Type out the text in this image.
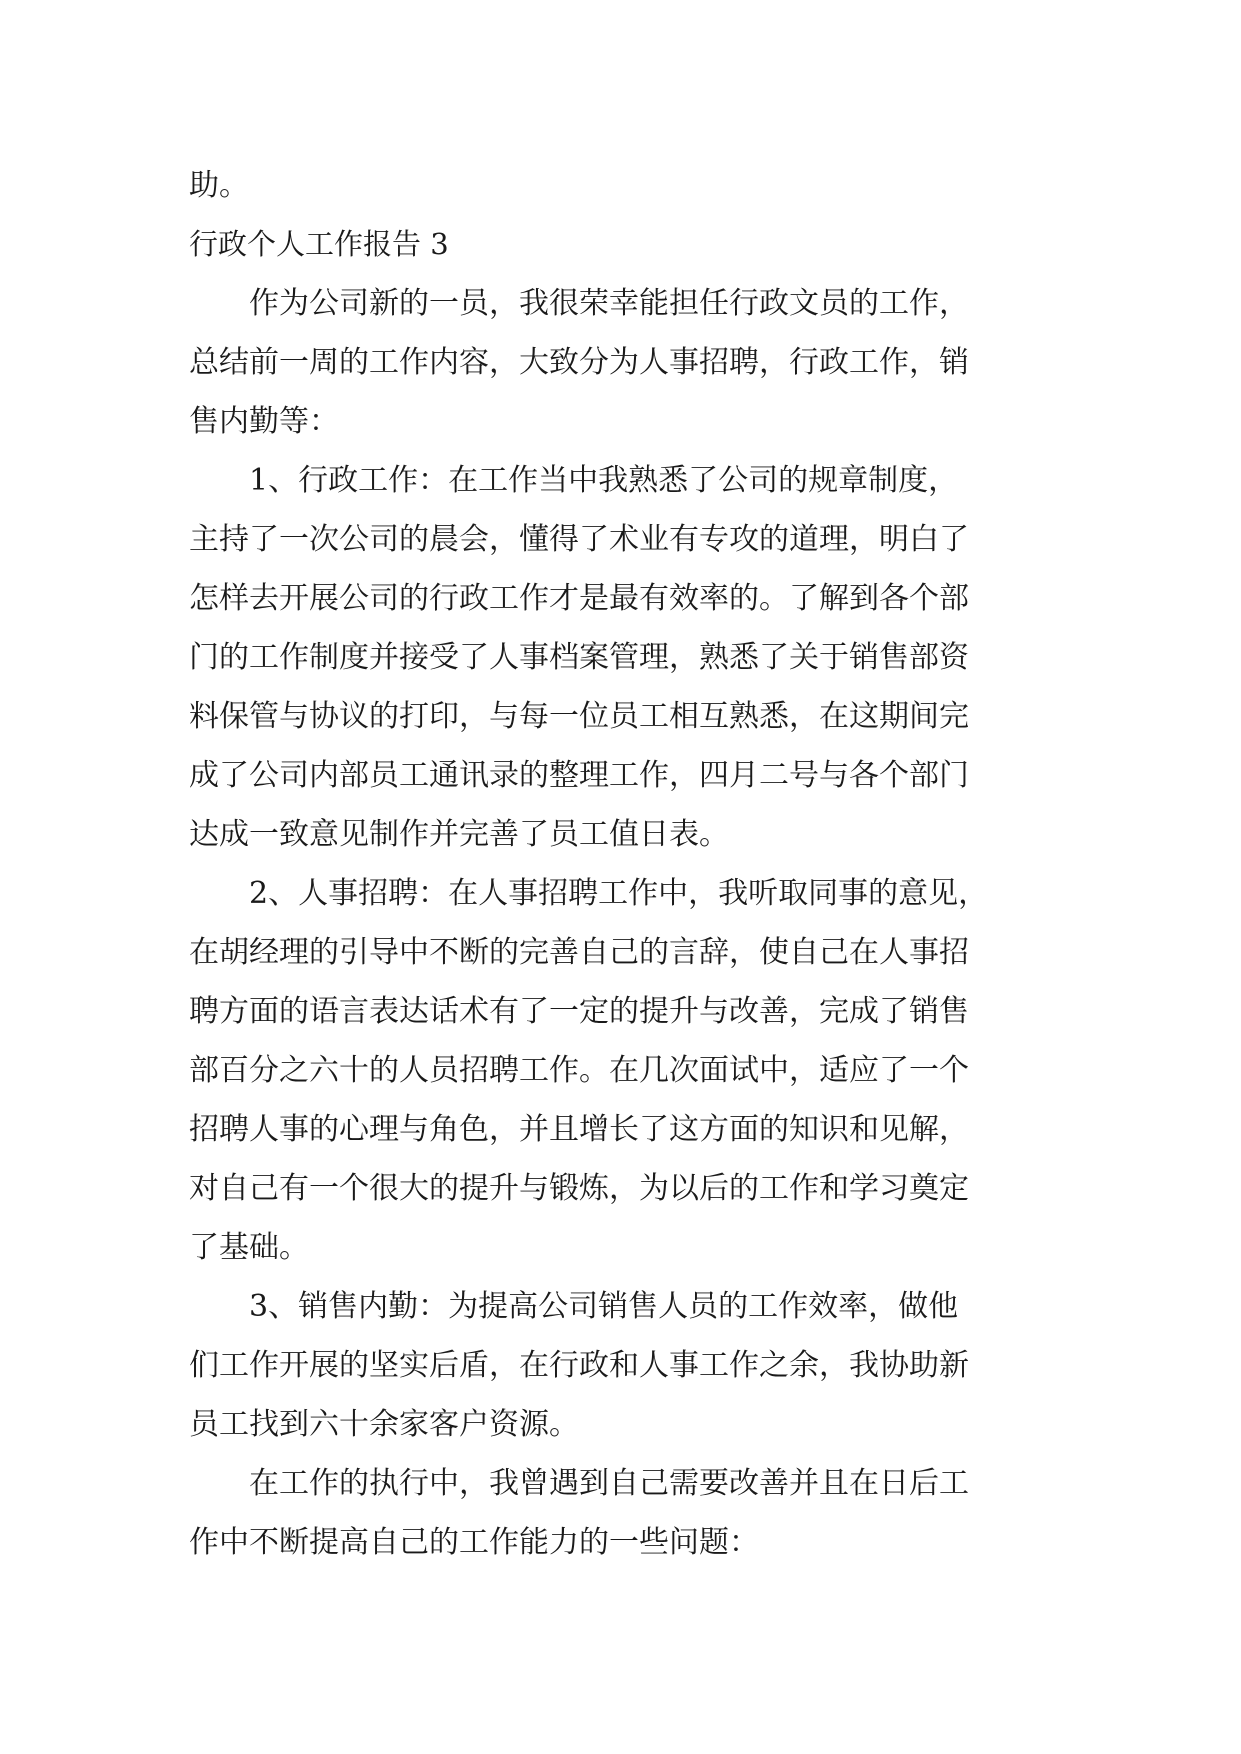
助。
行政个人工作报告 3
作为公司新的一员，我很荣幸能担任行政文员的工作，
总结前一周的工作内容，大致分为人事招聘，行政工作，销
售内勤等：
1、行政工作：在工作当中我熟悉了公司的规章制度，
主持了一次公司的晨会，懂得了术业有专攻的道理，明白了
怎样去开展公司的行政工作才是最有效率的。了解到各个部
门的工作制度并接受了人事档案管理，熟悉了关于销售部资
料保管与协议的打印，与每一位员工相互熟悉，在这期间完
成了公司内部员工通讯录的整理工作，四月二号与各个部门
达成一致意见制作并完善了员工值日表。
2、人事招聘：在人事招聘工作中，我听取同事的意见，
在胡经理的引导中不断的完善自己的言辞，使自己在人事招
聘方面的语言表达话术有了一定的提升与改善，完成了销售
部百分之六十的人员招聘工作。在几次面试中，适应了一个
招聘人事的心理与角色，并且增长了这方面的知识和见解，
对自己有一个很大的提升与锻炼，为以后的工作和学习奠定
了基础。
3、销售内勤：为提高公司销售人员的工作效率，做他
们工作开展的坚实后盾，在行政和人事工作之余，我协助新
员工找到六十余家客户资源。
在工作的执行中，我曾遇到自己需要改善并且在日后工
作中不断提高自己的工作能力的一些问题：
